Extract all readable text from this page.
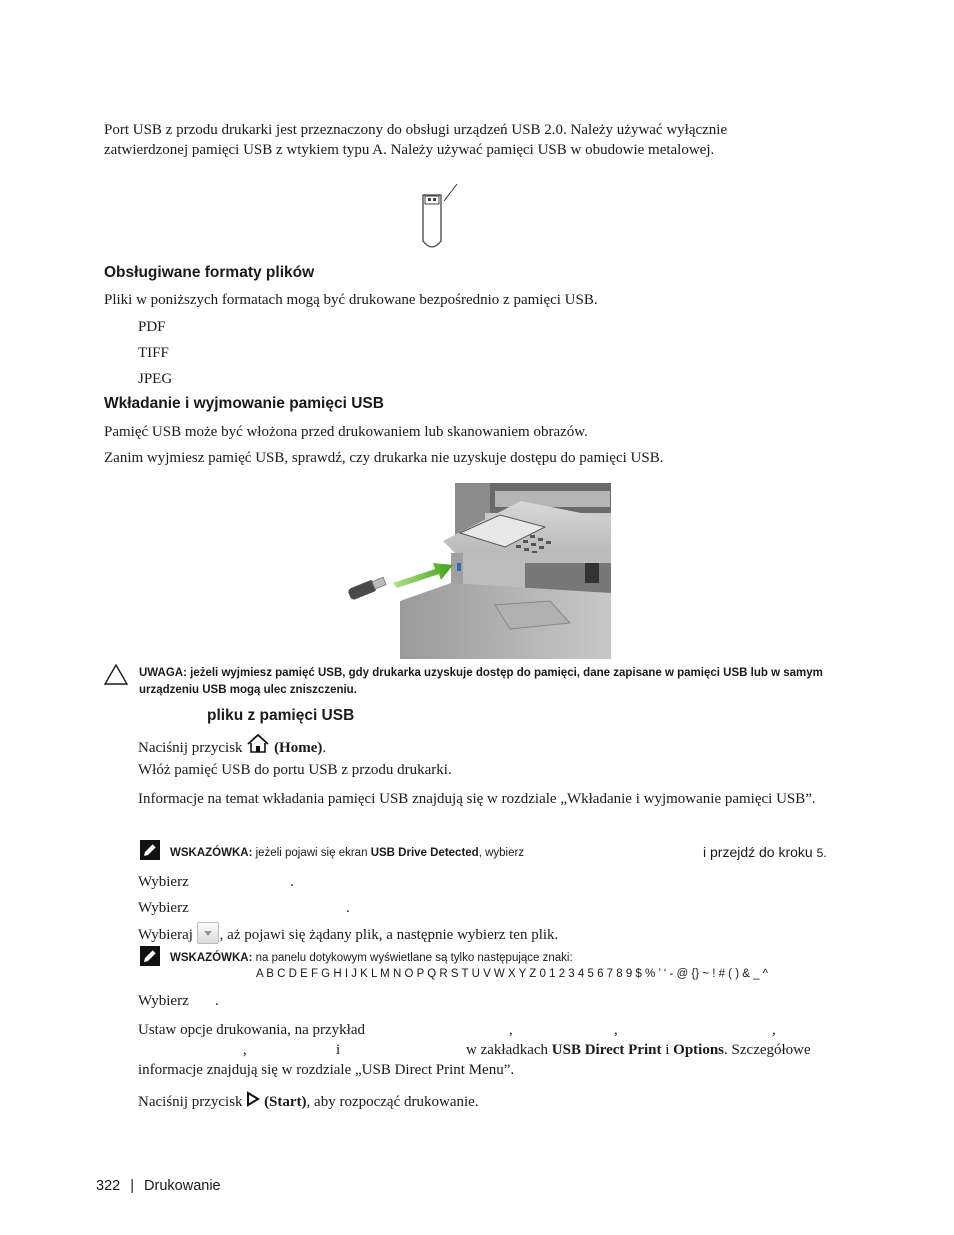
Port USB z przodu drukarki jest przeznaczony do obsługi urządzeń USB 2.0. Należy używać wyłącznie zatwierdzonej pamięci USB z wtykiem typu A. Należy używać pamięci USB w obudowie metalowej.
Obsługiwane formaty plików
Pliki w poniższych formatach mogą być drukowane bezpośrednio z pamięci USB.
PDF
TIFF
JPEG
Wkładanie i wyjmowanie pamięci USB
Pamięć USB może być włożona przed drukowaniem lub skanowaniem obrazów.
Zanim wyjmiesz pamięć USB, sprawdź, czy drukarka nie uzyskuje dostępu do pamięci USB.
UWAGA: jeżeli wyjmiesz pamięć USB, gdy drukarka uzyskuje dostęp do pamięci, dane zapisane w pamięci USB lub w samym urządzeniu USB mogą ulec zniszczeniu.
pliku z pamięci USB
Naciśnij przycisk (Home).
Włóż pamięć USB do portu USB z przodu drukarki.
Informacje na temat wkładania pamięci USB znajdują się w rozdziale „Wkładanie i wyjmowanie pamięci USB”.
WSKAZÓWKA: jeżeli pojawi się ekran USB Drive Detected, wybierz	i przejdź do kroku 5.
Wybierz	.
Wybierz	.
Wybieraj , aż pojawi się żądany plik, a następnie wybierz ten plik.
WSKAZÓWKA: na panelu dotykowym wyświetlane są tylko następujące znaki:
A B C D E F G H I J K L M N O P Q R S T U V W X Y Z 0 1 2 3 4 5 6 7 8 9 $ % ’ ‘ - @ {} ~ ! # ( ) & _ ^
Wybierz .
Ustaw opcje drukowania, na przykład	,	,	,
,	i	w zakładkach USB Direct Print i Options. Szczegółowe
informacje znajdują się w rozdziale „USB Direct Print Menu”.
Naciśnij przycisk (Start), aby rozpocząć drukowanie.
322 | Drukowanie
